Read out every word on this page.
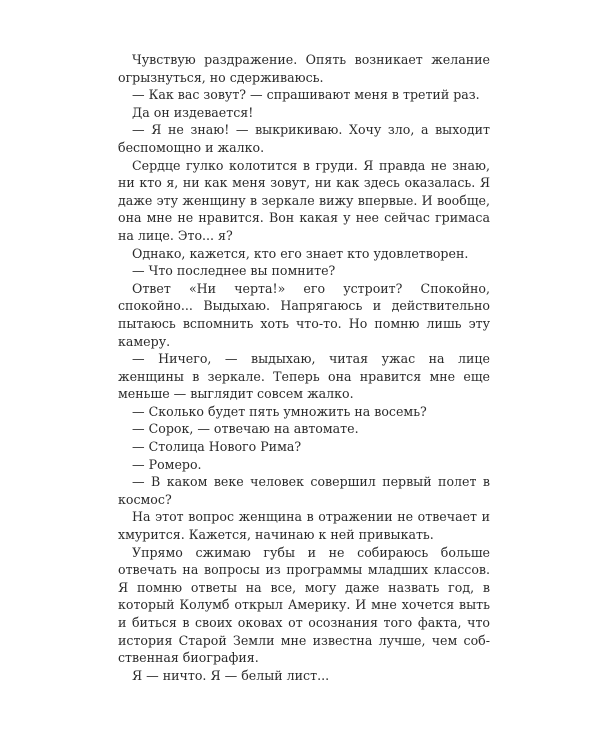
Чувствую раздражение. Опять возникает желание огрызнуться, но сдерживаюсь.

— Как вас зовут? — спрашивают меня в третий раз.

Да он издевается!

— Я не знаю! — выкрикиваю. Хочу зло, а выходит беспомощно и жалко.

Сердце гулко колотится в груди. Я правда не знаю, ни кто я, ни как меня зовут, ни как здесь оказалась. Я даже эту женщину в зеркале вижу впервые. И вообще, она мне не нравится. Вон какая у нее сейчас гримаса на лице. Это... я?

Однако, кажется, кто его знает кто удовлетворен.

— Что последнее вы помните?

Ответ «Ни черта!» его устроит? Спокойно, спокойно... Выдыхаю. Напрягаюсь и действительно пытаюсь вспомнить хоть что-то. Но помню лишь эту камеру.

— Ничего, — выдыхаю, читая ужас на лице женщины в зеркале. Теперь она нравится мне еще меньше — выглядит совсем жалко.

— Сколько будет пять умножить на восемь?

— Сорок, — отвечаю на автомате.

— Столица Нового Рима?

— Ромеро.

— В каком веке человек совершил первый полет в космос?

На этот вопрос женщина в отражении не отвечает и хмурится. Кажется, начинаю к ней привыкать.

Упрямо сжимаю губы и не собираюсь больше отвечать на вопросы из программы младших классов. Я помню ответы на все, могу даже назвать год, в который Колумб открыл Америку. И мне хочется выть и биться в своих оковах от осознания того факта, что история Старой Земли мне известна лучше, чем собственная биография.

Я — ничто. Я — белый лист...
